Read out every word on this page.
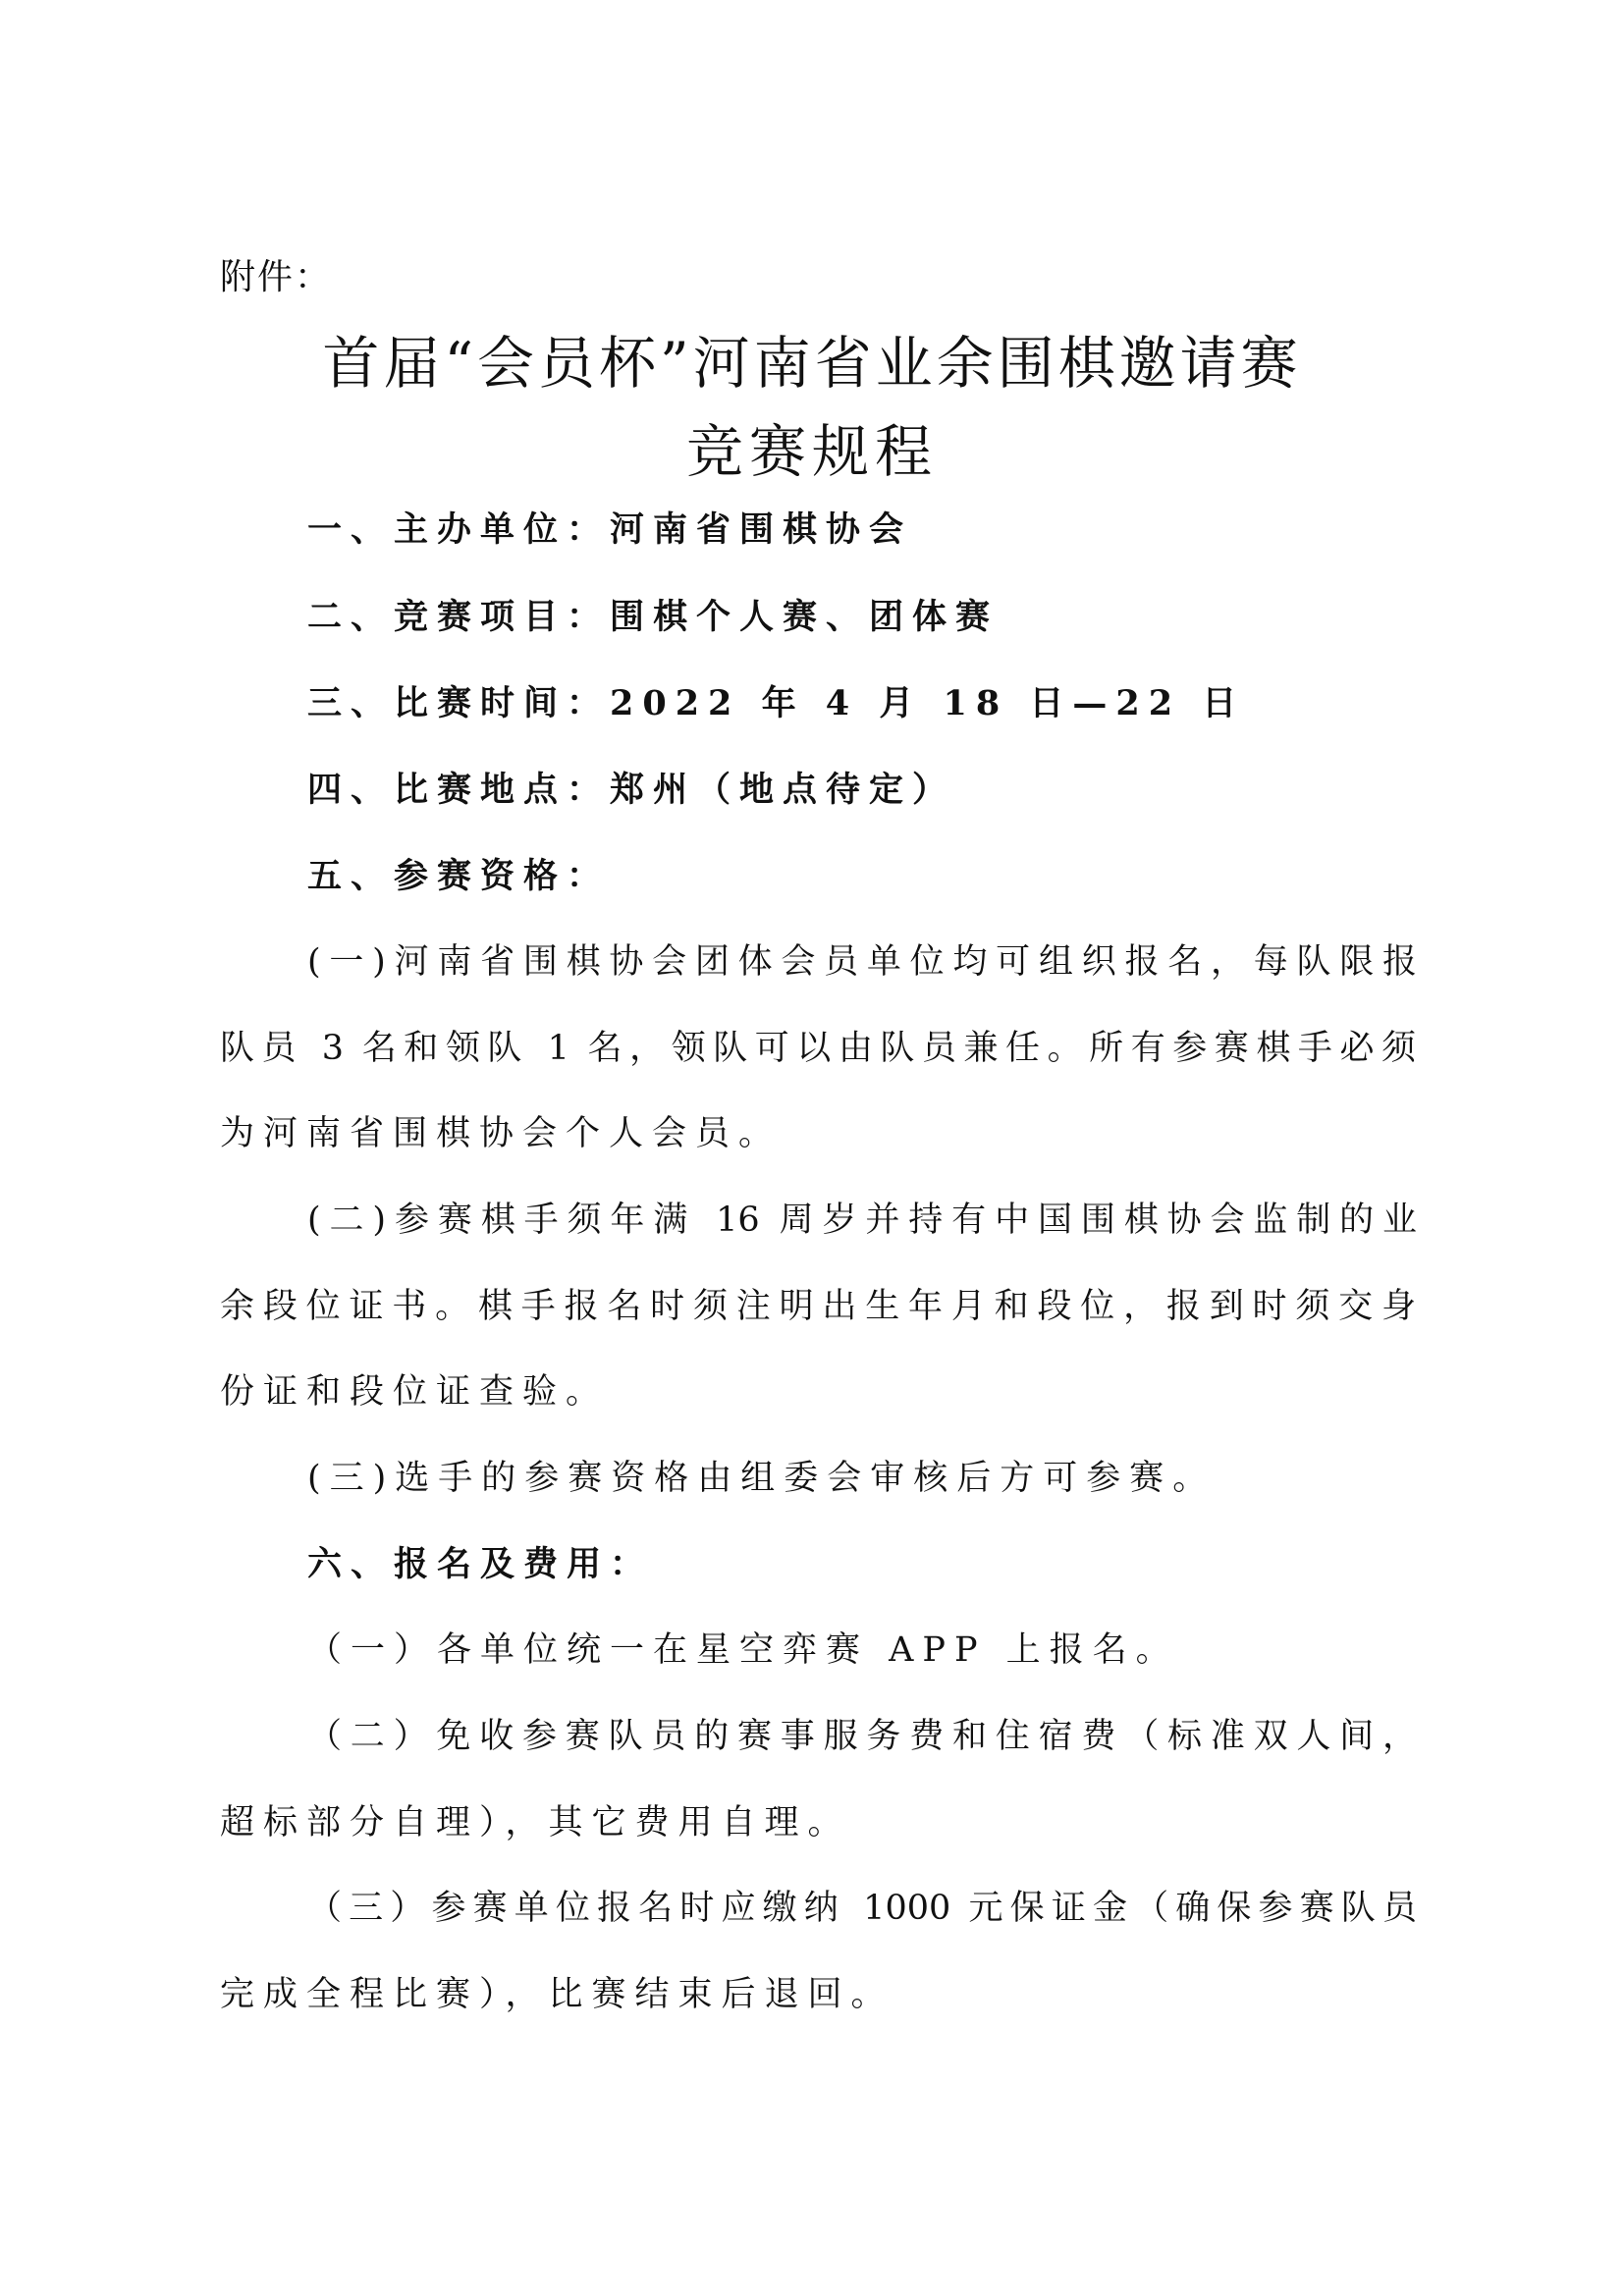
附件：
首届“会员杯”河南省业余围棋邀请赛
竞赛规程
一、主办单位：河南省围棋协会
二、竞赛项目：围棋个人赛、团体赛
三、比赛时间：2022 年 4 月 18 日—22 日
四、比赛地点：郑州（地点待定）
五、参赛资格：
(一)河南省围棋协会团体会员单位均可组织报名，每队限报
队员 3 名和领队 1 名，领队可以由队员兼任。所有参赛棋手必须
为河南省围棋协会个人会员。
(二)参赛棋手须年满 16 周岁并持有中国围棋协会监制的业
余段位证书。棋手报名时须注明出生年月和段位，报到时须交身
份证和段位证查验。
(三)选手的参赛资格由组委会审核后方可参赛。
六、报名及费用：
（一）各单位统一在星空弈赛 APP 上报名。
（二）免收参赛队员的赛事服务费和住宿费（标准双人间，
超标部分自理），其它费用自理。
（三）参赛单位报名时应缴纳 1000 元保证金（确保参赛队员
完成全程比赛），比赛结束后退回。
